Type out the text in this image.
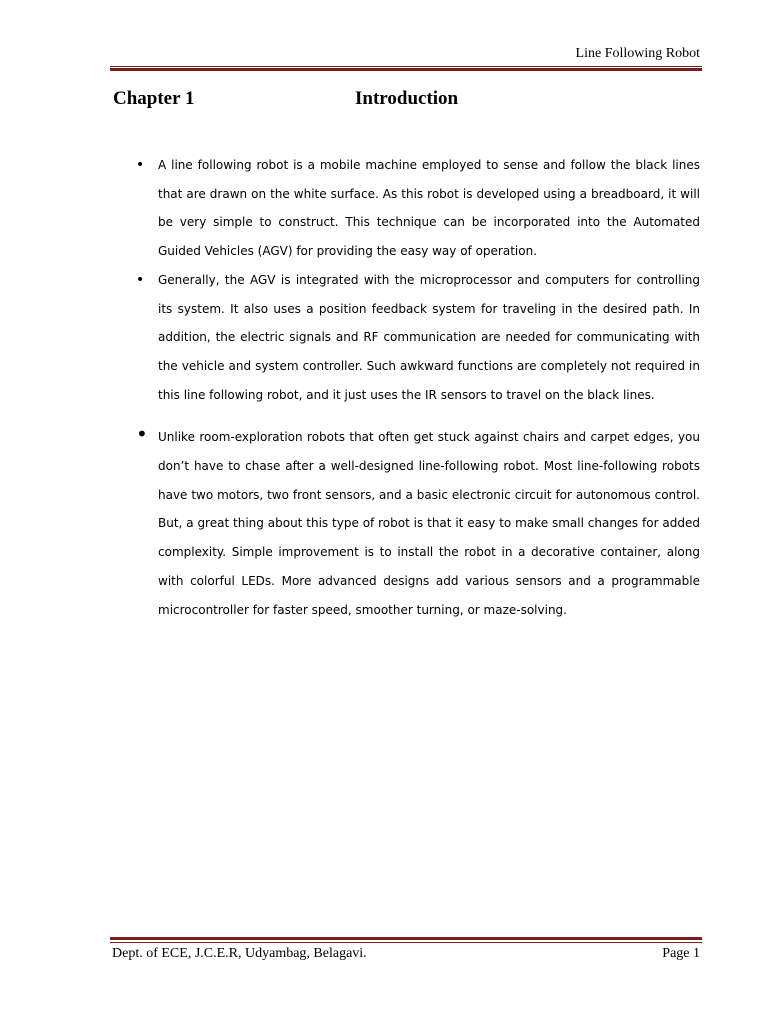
Line Following Robot
Chapter 1	Introduction
• A line following robot is a mobile machine employed to sense and follow the black lines that are drawn on the white surface. As this robot is developed using a breadboard, it will be very simple to construct. This technique can be incorporated into the Automated Guided Vehicles (AGV) for providing the easy way of operation.
• Generally, the AGV is integrated with the microprocessor and computers for controlling its system. It also uses a position feedback system for traveling in the desired path. In addition, the electric signals and RF communication are needed for communicating with the vehicle and system controller. Such awkward functions are completely not required in this line following robot, and it just uses the IR sensors to travel on the black lines.
• Unlike room-exploration robots that often get stuck against chairs and carpet edges, you don’t have to chase after a well-designed line-following robot. Most line-following robots have two motors, two front sensors, and a basic electronic circuit for autonomous control. But, a great thing about this type of robot is that it easy to make small changes for added complexity. Simple improvement is to install the robot in a decorative container, along with colorful LEDs. More advanced designs add various sensors and a programmable microcontroller for faster speed, smoother turning, or maze-solving.
Dept. of ECE, J.C.E.R, Udyambag, Belagavi.	Page 1
